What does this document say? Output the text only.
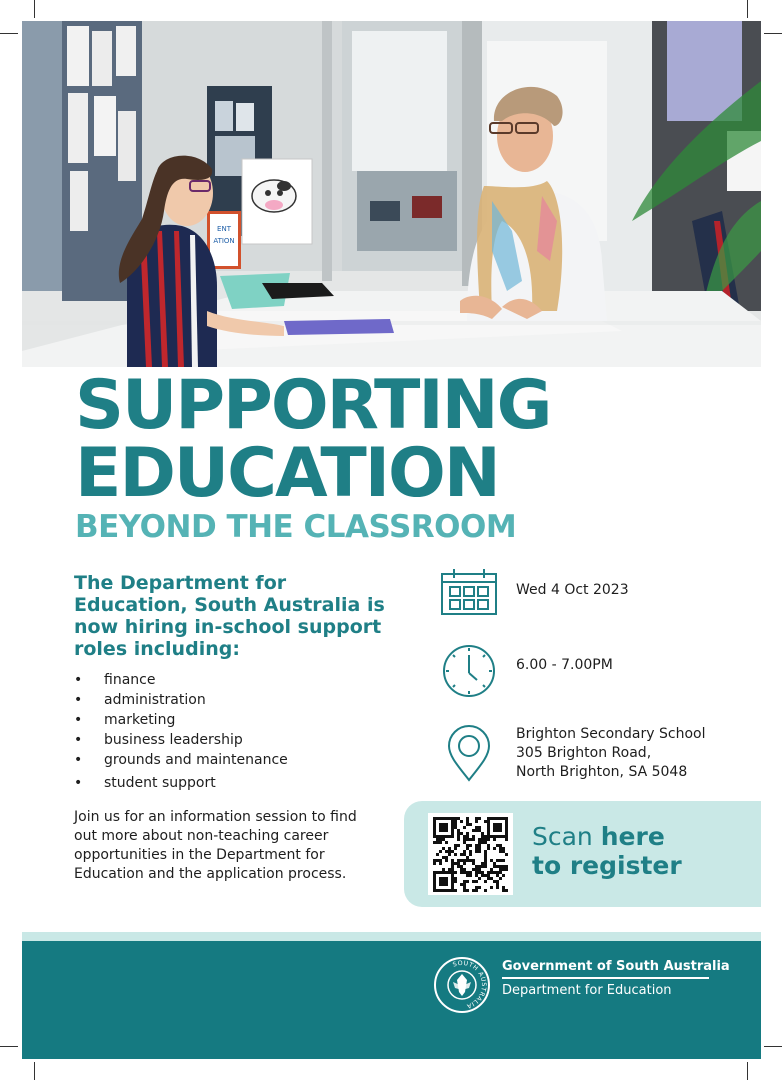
ENT
ATION
SUPPORTING
EDUCATION
BEYOND THE CLASSROOM

The Department for Education, South Australia is now hiring in-school support roles including:

• finance
• administration
• marketing
• business leadership
• grounds and maintenance
• student support

Join us for an information session to find out more about non-teaching career opportunities in the Department for Education and the application process.

Wed 4 Oct 2023
6.00 - 7.00PM
Brighton Secondary School
305 Brighton Road,
North Brighton, SA 5048
Scan here
to register
SOUTH AUSTRALIA
Government of South Australia
Department for Education
